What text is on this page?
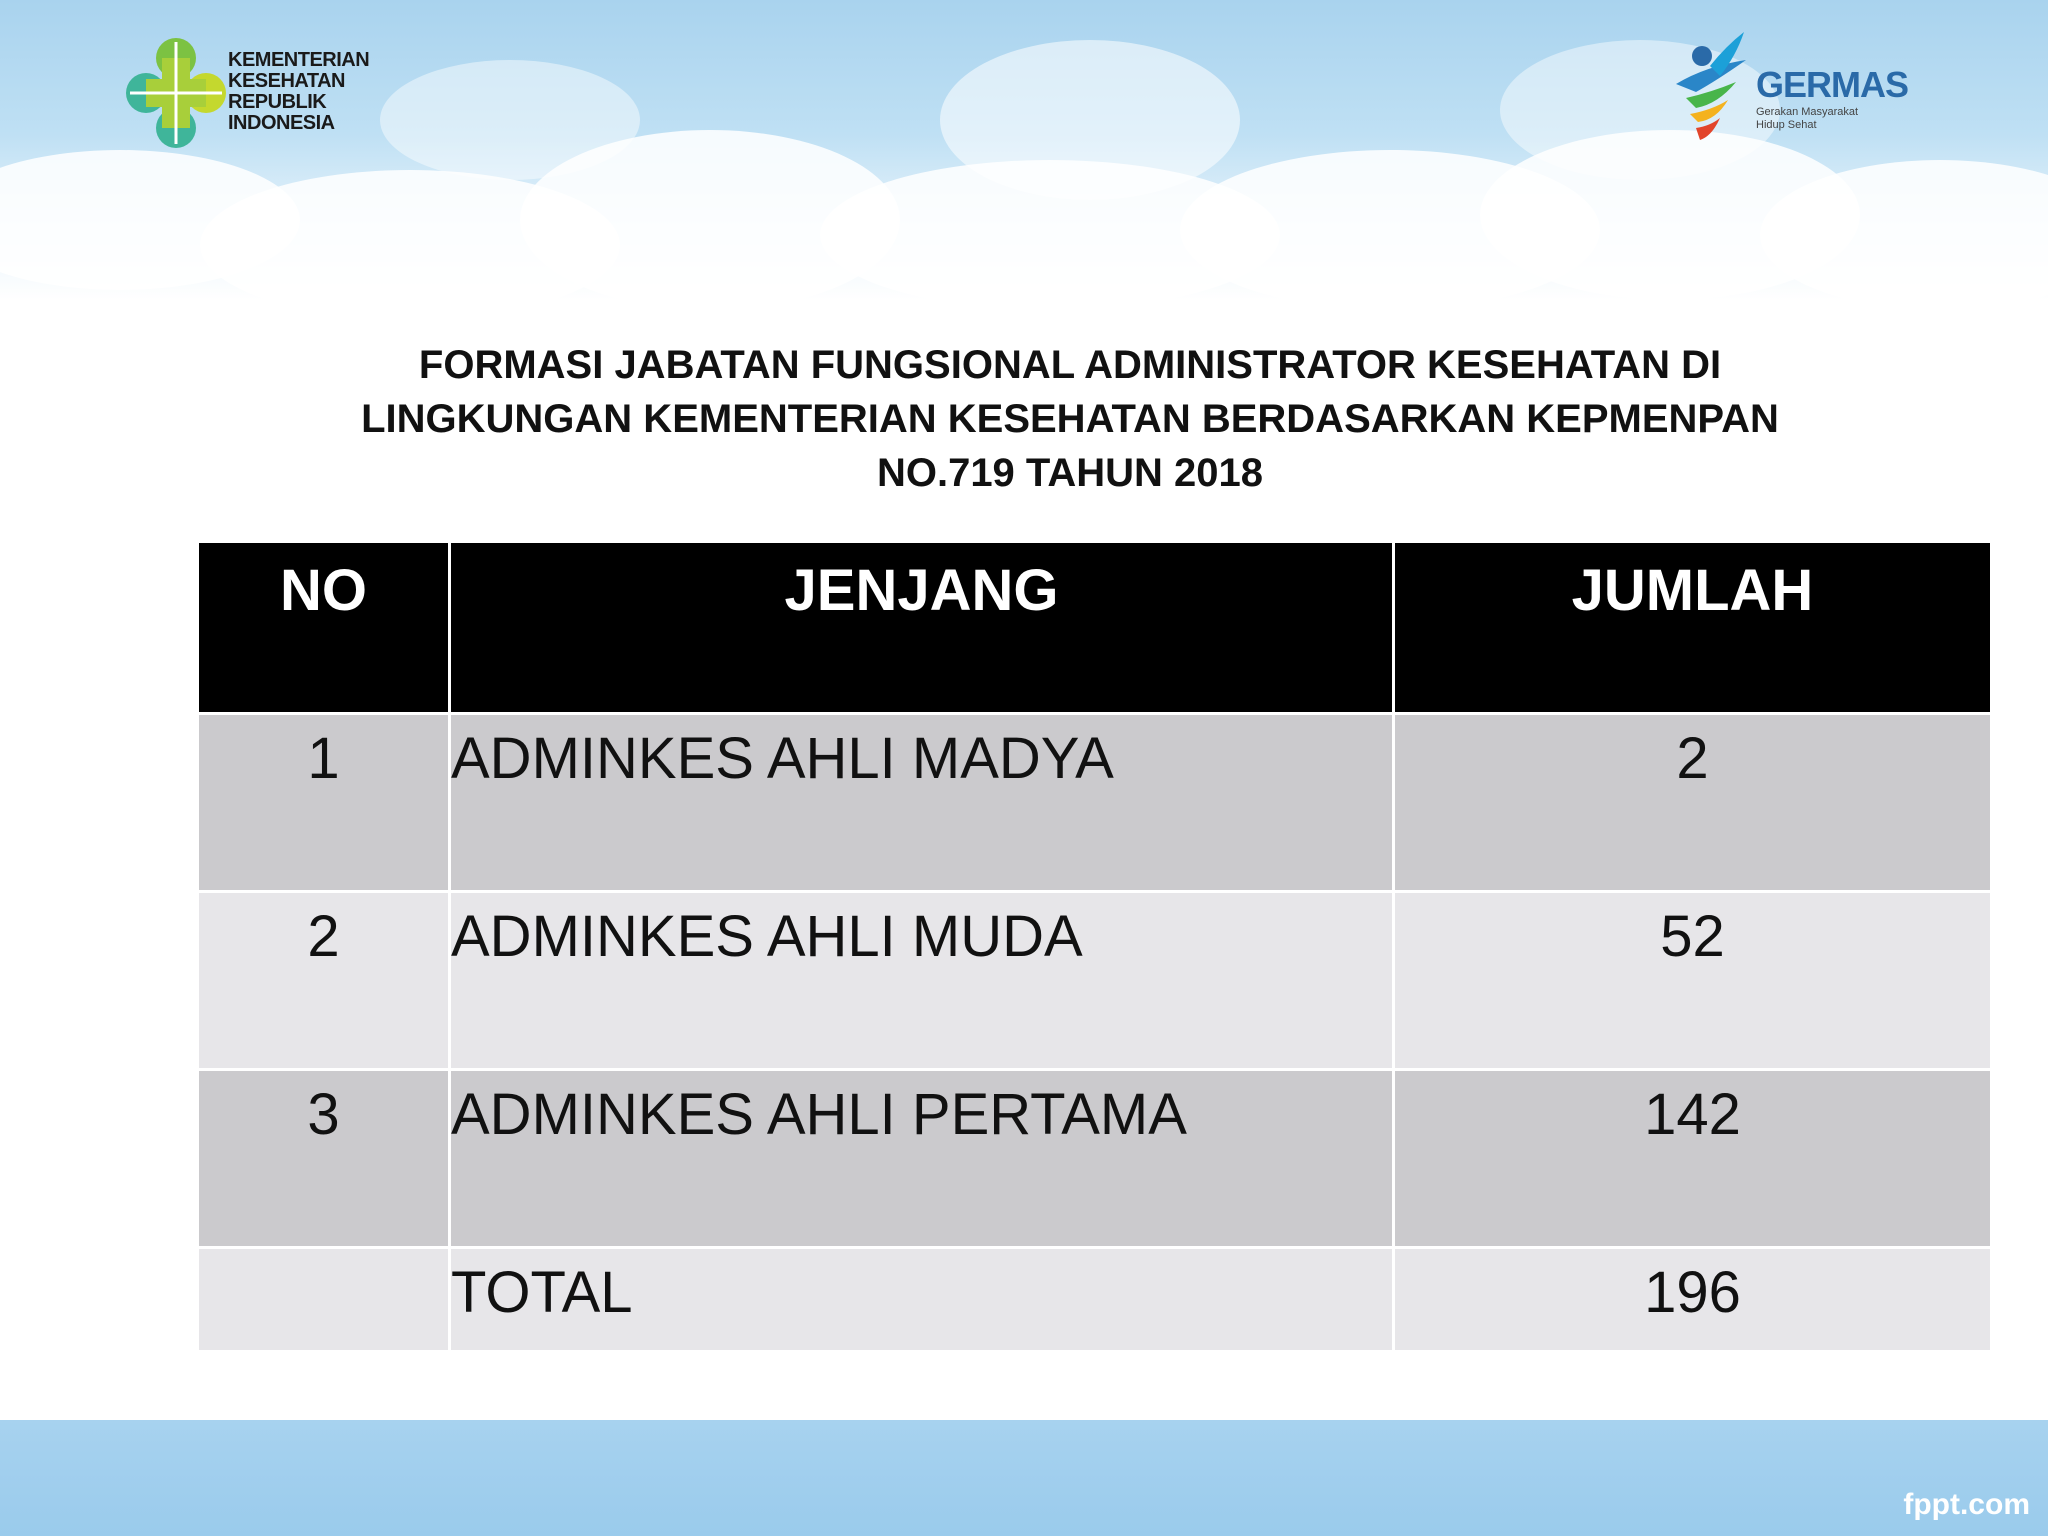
KEMENTERIAN
KESEHATAN
REPUBLIK
INDONESIA
GERMAS
Gerakan Masyarakat Hidup Sehat
FORMASI JABATAN FUNGSIONAL ADMINISTRATOR KESEHATAN DI
LINGKUNGAN KEMENTERIAN KESEHATAN BERDASARKAN KEPMENPAN
NO.719 TAHUN 2018
NO	JENJANG	JUMLAH
1	ADMINKES AHLI MADYA	2
2	ADMINKES AHLI MUDA	52
3	ADMINKES AHLI PERTAMA	142
	TOTAL	196
fppt.com
